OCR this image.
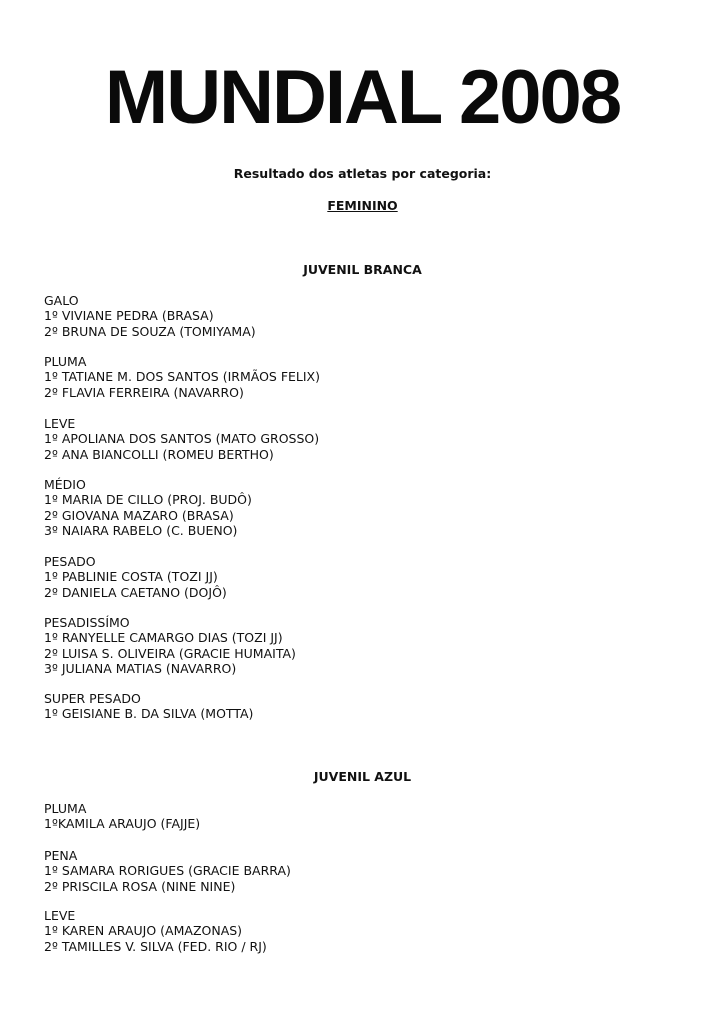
MUNDIAL 2008
Resultado dos atletas por categoria:
FEMININO
JUVENIL BRANCA
GALO
1º VIVIANE PEDRA (BRASA)
2º BRUNA DE SOUZA (TOMIYAMA)
PLUMA
1º TATIANE M. DOS SANTOS (IRMÃOS FELIX)
2º FLAVIA FERREIRA (NAVARRO)
LEVE
1º APOLIANA DOS SANTOS (MATO GROSSO)
2º ANA BIANCOLLI (ROMEU BERTHO)
MÉDIO
1º MARIA DE CILLO (PROJ. BUDÔ)
2º GIOVANA MAZARO (BRASA)
3º NAIARA RABELO (C. BUENO)
PESADO
1º PABLINIE COSTA (TOZI JJ)
2º DANIELA CAETANO (DOJÔ)
PESADISSÍMO
1º RANYELLE CAMARGO DIAS (TOZI JJ)
2º LUISA S. OLIVEIRA (GRACIE HUMAITA)
3º JULIANA MATIAS (NAVARRO)
SUPER PESADO
1º GEISIANE B. DA SILVA (MOTTA)
JUVENIL AZUL
PLUMA
1ºKAMILA ARAUJO (FAJJE)
PENA
1º SAMARA RORIGUES (GRACIE BARRA)
2º PRISCILA ROSA (NINE NINE)
LEVE
1º KAREN ARAUJO (AMAZONAS)
2º TAMILLES V. SILVA (FED. RIO / RJ)
